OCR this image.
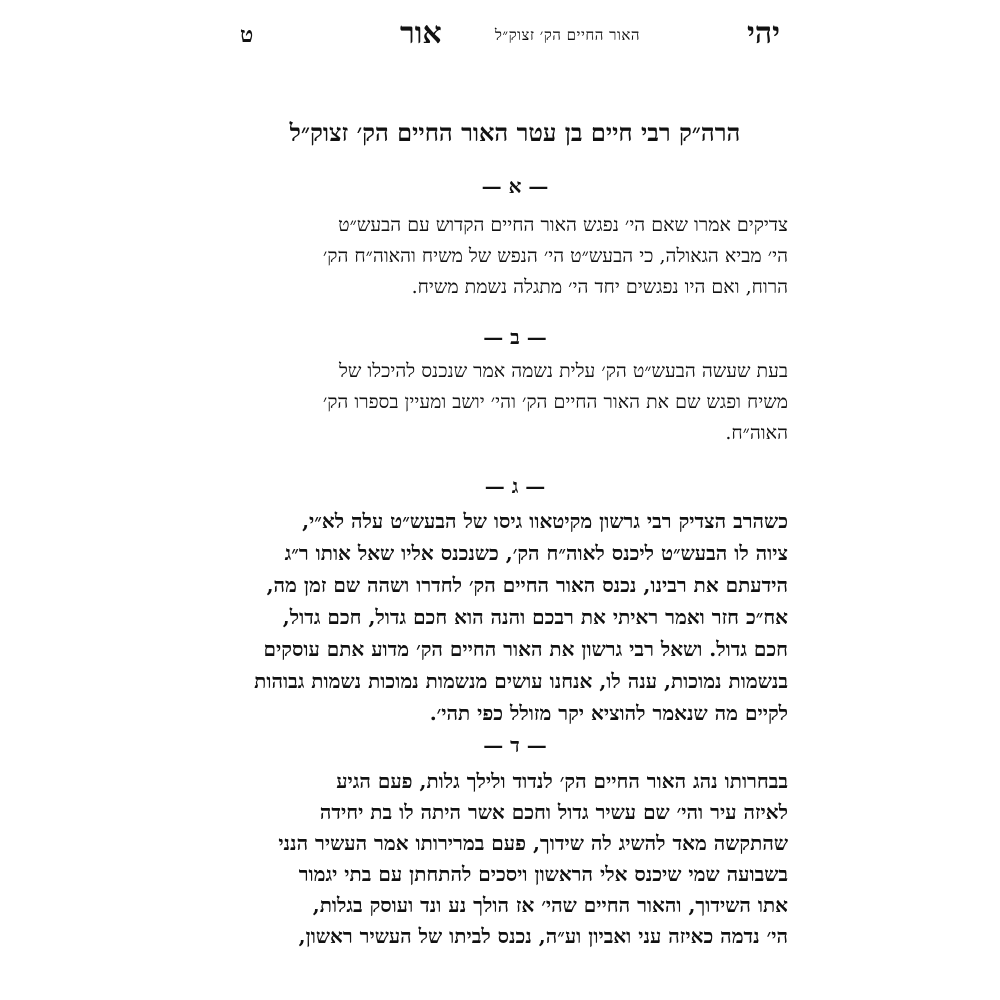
יהי
האור החיים הק׳ זצוק״ל
אור
ט
הרה״ק רבי חיים בן עטר האור החיים הק׳ זצוק״ל
— א —
צדיקים אמרו שאם הי׳ נפגש האור החיים הקדוש עם הבעש״ט
הי׳ מביא הגאולה, כי הבעש״ט הי׳ הנפש של משיח והאוה״ח הק׳
הרוח, ואם היו נפגשים יחד הי׳ מתגלה נשמת משיח.
— ב —
בעת שעשה הבעש״ט הק׳ עלית נשמה אמר שנכנס להיכלו של
משיח ופגש שם את האור החיים הק׳ והי׳ יושב ומעיין בספרו הק׳
האוה״ח.
— ג —
כשהרב הצדיק רבי גרשון מקיטאוו גיסו של הבעש״ט עלה לא״י,
ציוה לו הבעש״ט ליכנס לאוה״ח הק׳, כשנכנס אליו שאל אותו ר״ג
הידעתם את רבינו, נכנס האור החיים הק׳ לחדרו ושהה שם זמן מה,
אח״כ חזר ואמר ראיתי את רבכם והנה הוא חכם גדול, חכם גדול,
חכם גדול. ושאל רבי גרשון את האור החיים הק׳ מדוע אתם עוסקים
בנשמות נמוכות, ענה לו, אנחנו עושים מנשמות נמוכות נשמות גבוהות
לקיים מה שנאמר להוציא יקר מזולל כפי תהי׳.
— ד —
בבחרותו נהג האור החיים הק׳ לנדוד ולילך גלות, פעם הגיע
לאיזה עיר והי׳ שם עשיר גדול וחכם אשר היתה לו בת יחידה
שהתקשה מאד להשיג לה שידוך, פעם במרירותו אמר העשיר הנני
בשבועה שמי שיכנס אלי הראשון ויסכים להתחתן עם בתי יגמור
אתו השידוך, והאור החיים שהי׳ אז הולך נע ונד ועוסק בגלות,
הי׳ נדמה כאיזה עני ואביון וע״ה, נכנס לביתו של העשיר ראשון,
